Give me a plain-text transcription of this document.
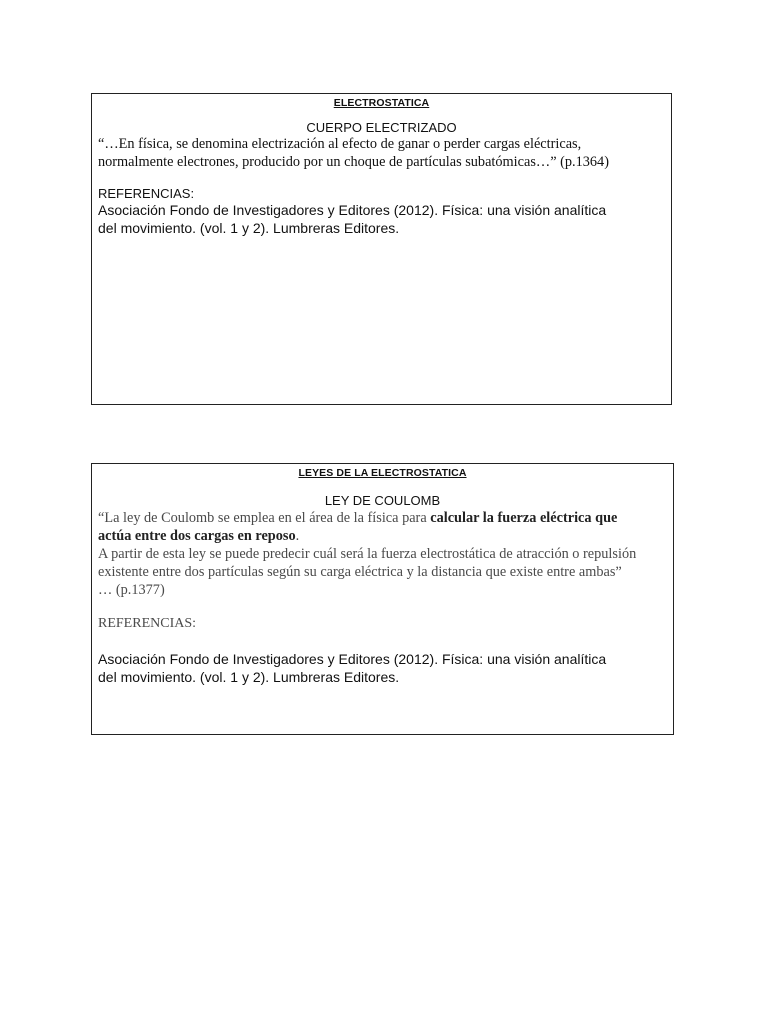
ELECTROSTATICA
CUERPO ELECTRIZADO
“…En física, se denomina electrización al efecto de ganar o perder cargas eléctricas,
normalmente electrones, producido por un choque de partículas subatómicas…” (p.1364)
REFERENCIAS:
Asociación Fondo de Investigadores y Editores (2012). Física: una visión analítica
del movimiento. (vol. 1 y 2). Lumbreras Editores.
LEYES DE LA ELECTROSTATICA
LEY DE COULOMB
“La ley de Coulomb se emplea en el área de la física para calcular la fuerza eléctrica que
actúa entre dos cargas en reposo.
A partir de esta ley se puede predecir cuál será la fuerza electrostática de atracción o repulsión
existente entre dos partículas según su carga eléctrica y la distancia que existe entre ambas”
… (p.1377)
REFERENCIAS:
Asociación Fondo de Investigadores y Editores (2012). Física: una visión analítica
del movimiento. (vol. 1 y 2). Lumbreras Editores.
